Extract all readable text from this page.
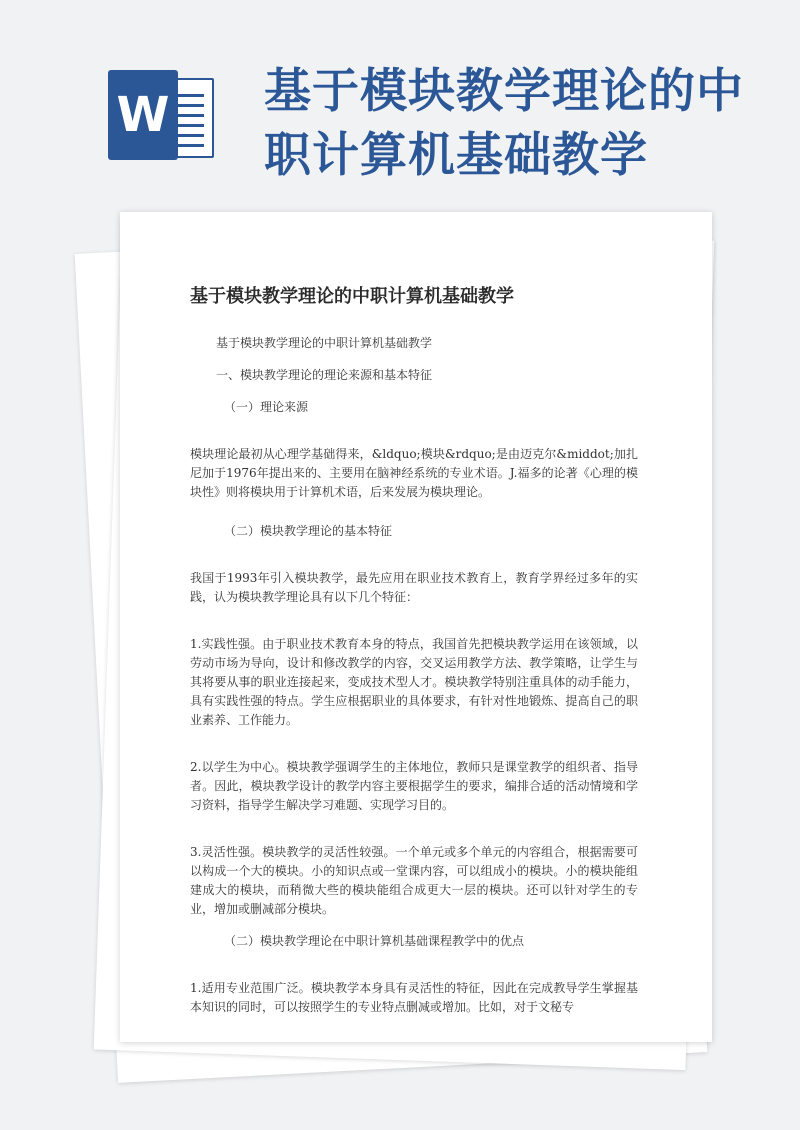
W 基于模块教学理论的中
职计算机基础教学
基于模块教学理论的中职计算机基础教学

基于模块教学理论的中职计算机基础教学

一、模块教学理论的理论来源和基本特征

（一）理论来源

模块理论最初从心理学基础得来，&ldquo;模块&rdquo;是由迈克尔&middot;加扎尼加于1976年提出来的、主要用在脑神经系统的专业术语。J.福多的论著《心理的模块性》则将模块用于计算机术语，后来发展为模块理论。

（二）模块教学理论的基本特征

我国于1993年引入模块教学，最先应用在职业技术教育上，教育学界经过多年的实践，认为模块教学理论具有以下几个特征：

1.实践性强。由于职业技术教育本身的特点，我国首先把模块教学运用在该领域，以劳动市场为导向，设计和修改教学的内容，交叉运用教学方法、教学策略，让学生与其将要从事的职业连接起来，变成技术型人才。模块教学特别注重具体的动手能力，具有实践性强的特点。学生应根据职业的具体要求，有针对性地锻炼、提高自己的职业素养、工作能力。

2.以学生为中心。模块教学强调学生的主体地位，教师只是课堂教学的组织者、指导者。因此，模块教学设计的教学内容主要根据学生的要求，编排合适的活动情境和学习资料，指导学生解决学习难题、实现学习目的。

3.灵活性强。模块教学的灵活性较强。一个单元或多个单元的内容组合，根据需要可以构成一个大的模块。小的知识点或一堂课内容，可以组成小的模块。小的模块能组建成大的模块，而稍微大些的模块能组合成更大一层的模块。还可以针对学生的专业，增加或删减部分模块。

（二）模块教学理论在中职计算机基础课程教学中的优点

1.适用专业范围广泛。模块教学本身具有灵活性的特征，因此在完成教导学生掌握基本知识的同时，可以按照学生的专业特点删减或增加。比如，对于文秘专
